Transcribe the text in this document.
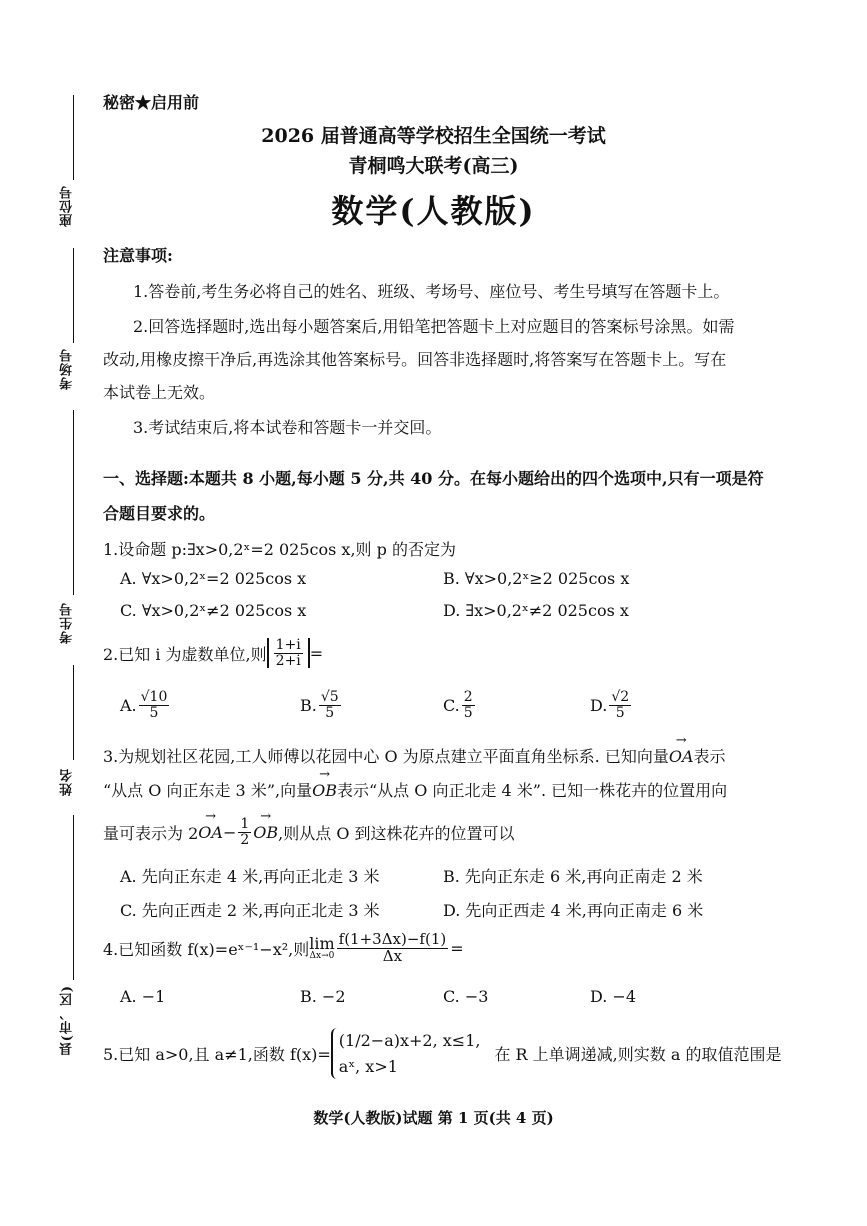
座位号
考场号
考生号
姓名
县(市、区)
秘密★启用前
2026 届普通高等学校招生全国统一考试
青桐鸣大联考(高三)
数学(人教版)
注意事项:
1.答卷前,考生务必将自己的姓名、班级、考场号、座位号、考生号填写在答题卡上。
2.回答选择题时,选出每小题答案后,用铅笔把答题卡上对应题目的答案标号涂黑。如需
改动,用橡皮擦干净后,再选涂其他答案标号。回答非选择题时,将答案写在答题卡上。写在
本试卷上无效。
3.考试结束后,将本试卷和答题卡一并交回。
一、选择题:本题共 8 小题,每小题 5 分,共 40 分。在每小题给出的四个选项中,只有一项是符
合题目要求的。
1.设命题 p:∃x>0,2ˣ=2 025cos x,则 p 的否定为
A. ∀x>0,2ˣ=2 025cos x	B. ∀x>0,2ˣ≥2 025cos x
C. ∀x>0,2ˣ≠2 025cos x	D. ∃x>0,2ˣ≠2 025cos x
2.已知 i 为虚数单位,则 $\frac{1+i}{2+i}$ =
A. $\frac{√10}{5}$	B. $\frac{√5}{5}$	C. $\frac{2}{5}$	D. $\frac{√2}{5}$
3.为规划社区花园,工人师傅以花园中心 O 为原点建立平面直角坐标系. 已知向量→ OA表示
“从点 O 向正东走 3 米”,向量→ OB表示“从点 O 向正北走 4 米”. 已知一株花卉的位置用向
量可表示为 2 → OA − $\frac{1}{2}$ → OB ,则从点 O 到这株花卉的位置可以
A. 先向正东走 4 米,再向正北走 3 米	B. 先向正东走 6 米,再向正南走 2 米
C. 先向正西走 2 米,再向正北走 3 米	D. 先向正西走 4 米,再向正南走 6 米
4.已知函数 f(x)=eˣ⁻¹−x²,则 lim
$\Delta x\to 0 \frac{f(1+3\Delta x)-f(1)}{\Delta x}$ =
A. −1	B. −2	C. −3	D. −4
5.已知 a>0,且 a≠1,函数 f(x)=
(1/2−a)x+2, x≤1,
aˣ, x>1
在 R 上单调递减,则实数 a 的取值范围是
数学(人教版)试题 第 1 页(共 4 页)
